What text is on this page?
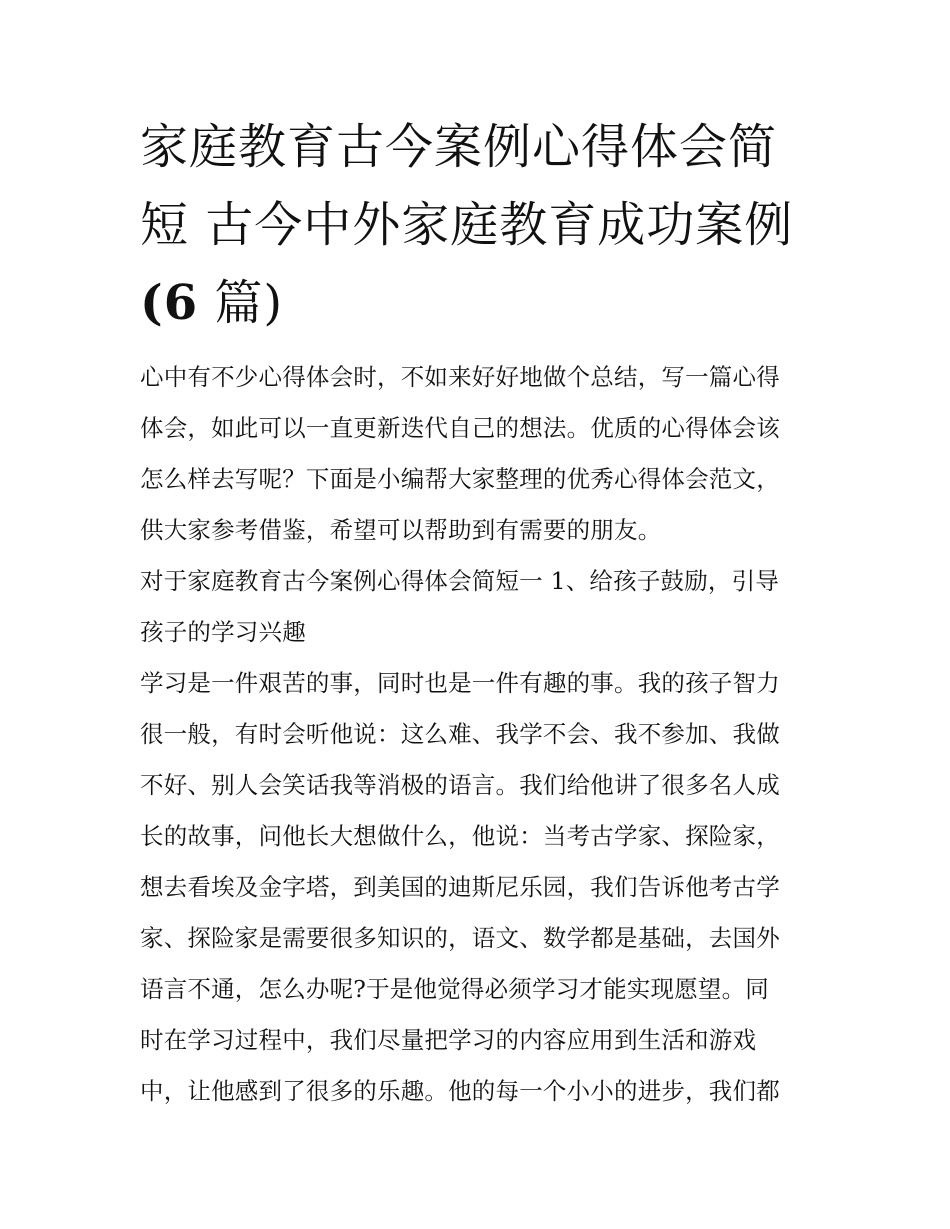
家庭教育古今案例心得体会简
短 古今中外家庭教育成功案例
(6 篇)

心中有不少心得体会时，不如来好好地做个总结，写一篇心得
体会，如此可以一直更新迭代自己的想法。优质的心得体会该
怎么样去写呢？下面是小编帮大家整理的优秀心得体会范文，
供大家参考借鉴，希望可以帮助到有需要的朋友。

对于家庭教育古今案例心得体会简短一 1、给孩子鼓励，引导
孩子的学习兴趣

学习是一件艰苦的事，同时也是一件有趣的事。我的孩子智力
很一般，有时会听他说：这么难、我学不会、我不参加、我做
不好、别人会笑话我等消极的语言。我们给他讲了很多名人成
长的故事，问他长大想做什么，他说：当考古学家、探险家，
想去看埃及金字塔，到美国的迪斯尼乐园，我们告诉他考古学
家、探险家是需要很多知识的，语文、数学都是基础，去国外
语言不通，怎么办呢?于是他觉得必须学习才能实现愿望。同
时在学习过程中，我们尽量把学习的内容应用到生活和游戏
中，让他感到了很多的乐趣。他的每一个小小的进步，我们都
